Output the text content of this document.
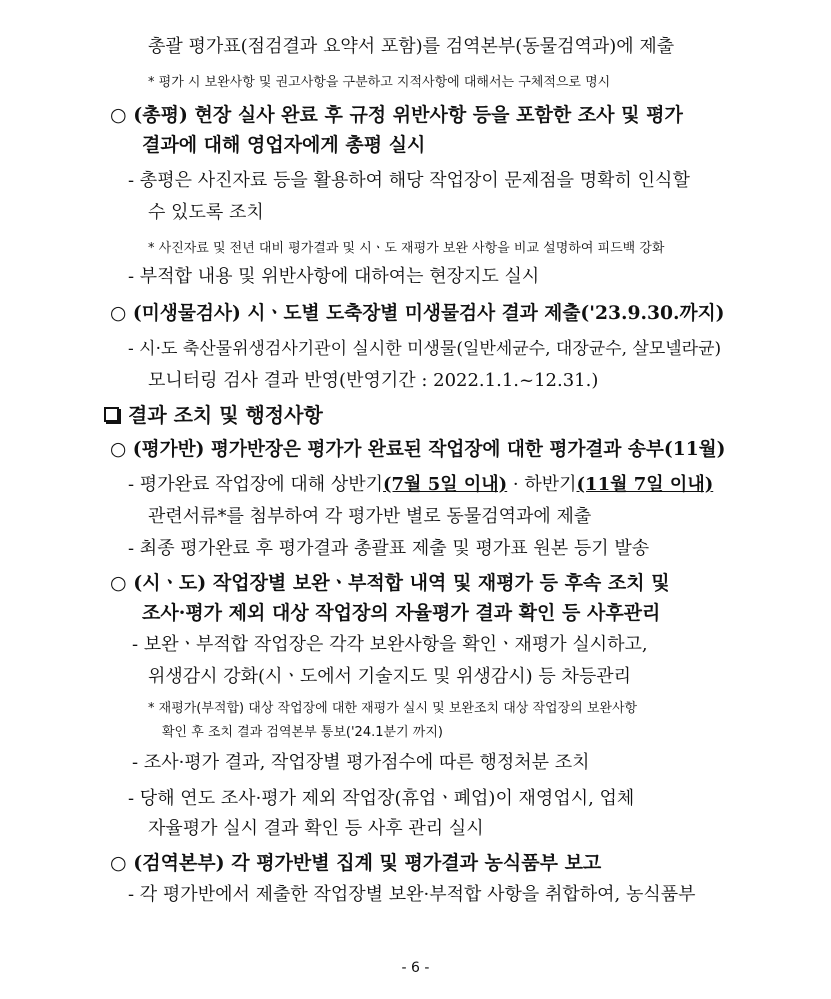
총괄 평가표(점검결과 요약서 포함)를 검역본부(동물검역과)에 제출
* 평가 시 보완사항 및 권고사항을 구분하고 지적사항에 대해서는 구체적으로 명시
○ (총평) 현장 실사 완료 후 규정 위반사항 등을 포함한 조사 및 평가
결과에 대해 영업자에게 총평 실시
- 총평은 사진자료 등을 활용하여 해당 작업장이 문제점을 명확히 인식할
수 있도록 조치
* 사진자료 및 전년 대비 평가결과 및 시ㆍ도 재평가 보완 사항을 비교 설명하여 피드백 강화
- 부적합 내용 및 위반사항에 대하여는 현장지도 실시
○ (미생물검사) 시ㆍ도별 도축장별 미생물검사 결과 제출('23.9.30.까지)
- 시·도 축산물위생검사기관이 실시한 미생물(일반세균수, 대장균수, 살모넬라균)
모니터링 검사 결과 반영(반영기간 : 2022.1.1.~12.31.)
결과 조치 및 행정사항
○ (평가반) 평가반장은 평가가 완료된 작업장에 대한 평가결과 송부(11월)
- 평가완료 작업장에 대해 상반기(7월 5일 이내) · 하반기(11월 7일 이내)
관련서류*를 첨부하여 각 평가반 별로 동물검역과에 제출
- 최종 평가완료 후 평가결과 총괄표 제출 및 평가표 원본 등기 발송
○ (시ㆍ도) 작업장별 보완ㆍ부적합 내역 및 재평가 등 후속 조치 및
조사·평가 제외 대상 작업장의 자율평가 결과 확인 등 사후관리
- 보완ㆍ부적합 작업장은 각각 보완사항을 확인ㆍ재평가 실시하고,
위생감시 강화(시ㆍ도에서 기술지도 및 위생감시) 등 차등관리
* 재평가(부적합) 대상 작업장에 대한 재평가 실시 및 보완조치 대상 작업장의 보완사항
확인 후 조치 결과 검역본부 통보('24.1분기 까지)
- 조사·평가 결과, 작업장별 평가점수에 따른 행정처분 조치
- 당해 연도 조사·평가 제외 작업장(휴업ㆍ폐업)이 재영업시, 업체
자율평가 실시 결과 확인 등 사후 관리 실시
○ (검역본부) 각 평가반별 집계 및 평가결과 농식품부 보고
- 각 평가반에서 제출한 작업장별 보완·부적합 사항을 취합하여, 농식품부
- 6 -
